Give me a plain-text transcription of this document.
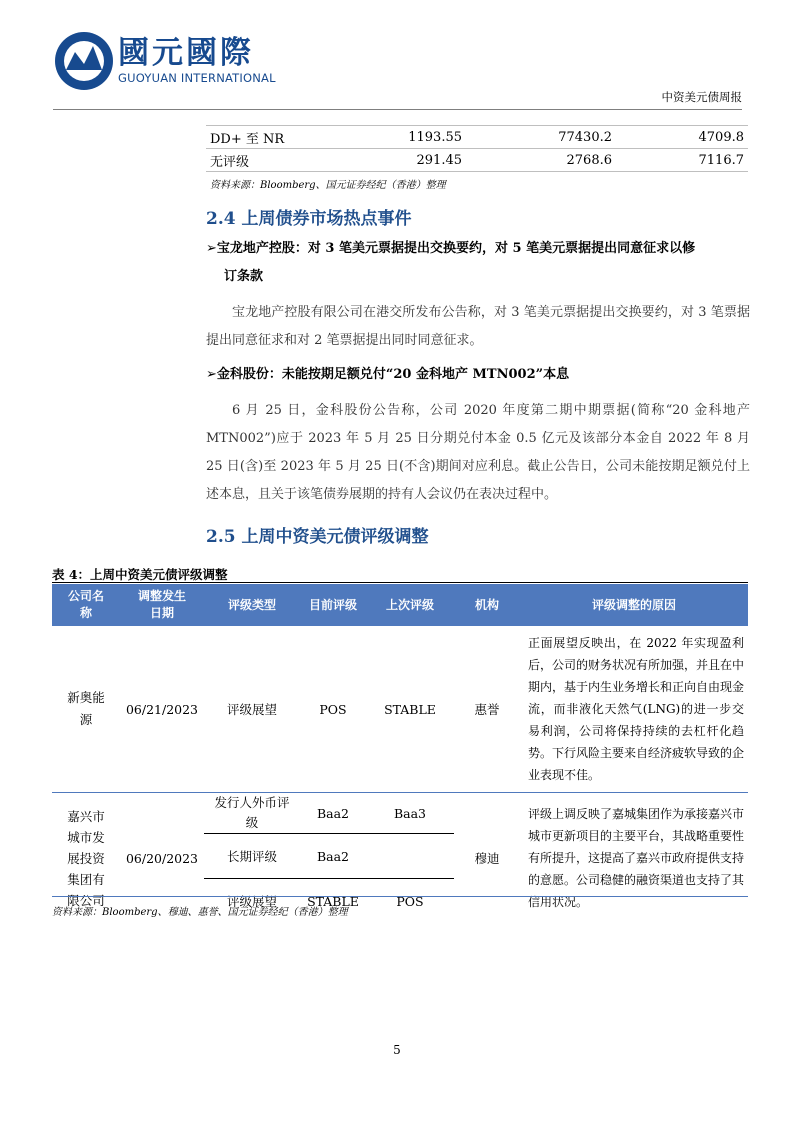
國元國際
GUOYUAN INTERNATIONAL
中资美元债周报
DD+ 至 NR	1193.55	77430.2	4709.8
无评级	291.45	2768.6	7116.7
资料来源：Bloomberg、国元证券经纪（香港）整理
2.4 上周债券市场热点事件
➢宝龙地产控股：对 3 笔美元票据提出交换要约，对 5 笔美元票据提出同意征求以修
订条款
宝龙地产控股有限公司在港交所发布公告称，对 3 笔美元票据提出交换要约，对 3 笔票据提出同意征求和对 2 笔票据提出同时同意征求。
➢金科股份：未能按期足额兑付“20 金科地产 MTN002”本息
6 月 25 日，金科股份公告称，公司 2020 年度第二期中期票据(简称“20 金科地产 MTN002”)应于 2023 年 5 月 25 日分期兑付本金 0.5 亿元及该部分本金自 2022 年 8 月 25 日(含)至 2023 年 5 月 25 日(不含)期间对应利息。截止公告日，公司未能按期足额兑付上述本息，且关于该笔债券展期的持有人会议仍在表决过程中。
2.5 上周中资美元债评级调整
表 4：上周中资美元债评级调整
公司名称	调整发生日期	评级类型	目前评级	上次评级	机构	评级调整的原因
新奥能源	06/21/2023	评级展望	POS	STABLE	惠誉	正面展望反映出，在 2022 年实现盈利后，公司的财务状况有所加强，并且在中期内，基于内生业务增长和正向自由现金流，而非液化天然气(LNG)的进一步交易利润，公司将保持持续的去杠杆化趋势。下行风险主要来自经济疲软导致的企业表现不佳。
嘉兴市城市发展投资集团有限公司	06/20/2023	发行人外币评级	Baa2	Baa3	穆迪	评级上调反映了嘉城集团作为承接嘉兴市城市更新项目的主要平台，其战略重要性有所提升，这提高了嘉兴市政府提供支持的意愿。公司稳健的融资渠道也支持了其信用状况。
		长期评级	Baa2			
		评级展望	STABLE	POS		
资料来源：Bloomberg、穆迪、惠誉、国元证券经纪（香港）整理
5
